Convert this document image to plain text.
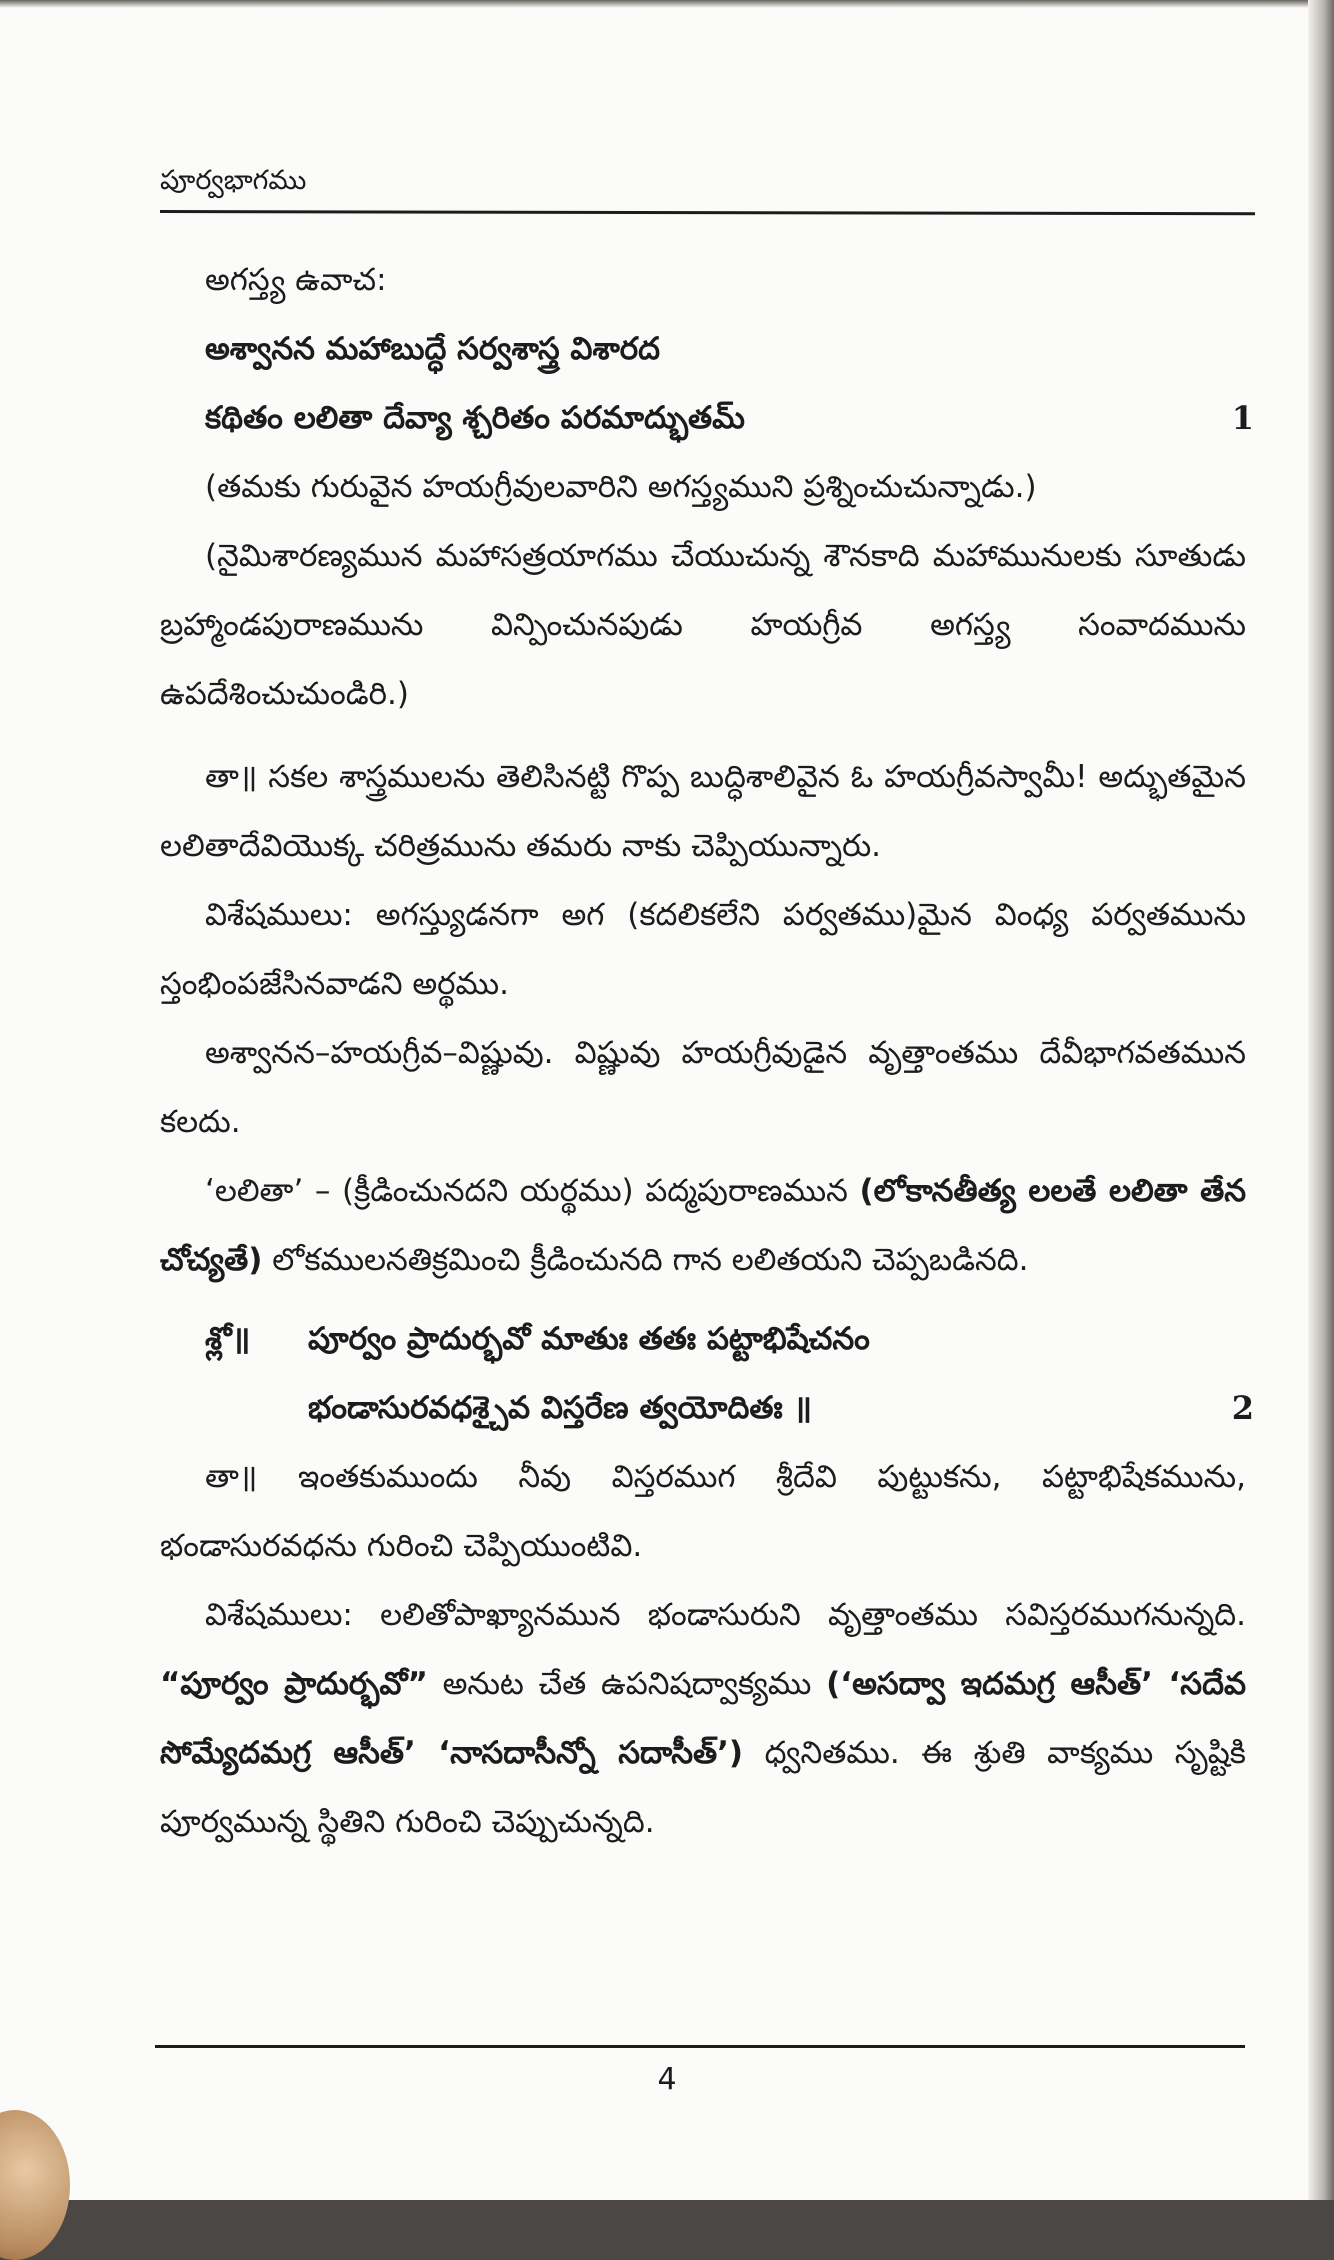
పూర్వభాగము

అగస్త్య ఉవాచ:

అశ్వానన మహాబుద్ధే సర్వశాస్త్ర విశారద

కథితం లలితా దేవ్యా శ్చరితం పరమాద్భుతమ్	1

(తమకు గురువైన హయగ్రీవులవారిని అగస్త్యముని ప్రశ్నించుచున్నాడు.)

(నైమిశారణ్యమున మహాసత్రయాగము చేయుచున్న శౌనకాది మహామునులకు సూతుడు బ్రహ్మాండపురాణమును విన్పించునపుడు హయగ్రీవ అగస్త్య సంవాదమును ఉపదేశించుచుండిరి.)

తా॥ సకల శాస్త్రములను తెలిసినట్టి గొప్ప బుద్ధిశాలివైన ఓ హయగ్రీవస్వామీ! అద్భుతమైన లలితాదేవియొక్క చరిత్రమును తమరు నాకు చెప్పియున్నారు.

విశేషములు: అగస్త్యుడనగా అగ (కదలికలేని పర్వతము)మైన వింధ్య పర్వతమును స్తంభింపజేసినవాడని అర్థము.

అశ్వానన–హయగ్రీవ–విష్ణువు. విష్ణువు హయగ్రీవుడైన వృత్తాంతము దేవీభాగవతమున కలదు.

‘లలితా’ – (క్రీడించునదని యర్థము) పద్మపురాణమున (లోకానతీత్య లలతే లలితా తేన చోచ్యతే) లోకములనతిక్రమించి క్రీడించునది గాన లలితయని చెప్పబడినది.

శ్లో॥ పూర్వం ప్రాదుర్భవో మాతుః తతః పట్టాభిషేచనం

భండాసురవధశ్చైవ విస్తరేణ త్వయోదితః ॥	2

తా॥ ఇంతకుముందు నీవు విస్తరముగ శ్రీదేవి పుట్టుకను, పట్టాభిషేకమును, భండాసురవధను గురించి చెప్పియుంటివి.

విశేషములు: లలితోపాఖ్యానమున భండాసురుని వృత్తాంతము సవిస్తరముగనున్నది. “పూర్వం ప్రాదుర్భవో” అనుట చేత ఉపనిషద్వాక్యము (‘అసద్వా ఇదమగ్ర ఆసీత్’ ‘సదేవ సోమ్యేదమగ్ర ఆసీత్’ ‘నాసదాసీన్నో సదాసీత్’) ధ్వనితము. ఈ శ్రుతి వాక్యము సృష్టికి పూర్వమున్న స్థితిని గురించి చెప్పుచున్నది.

4
